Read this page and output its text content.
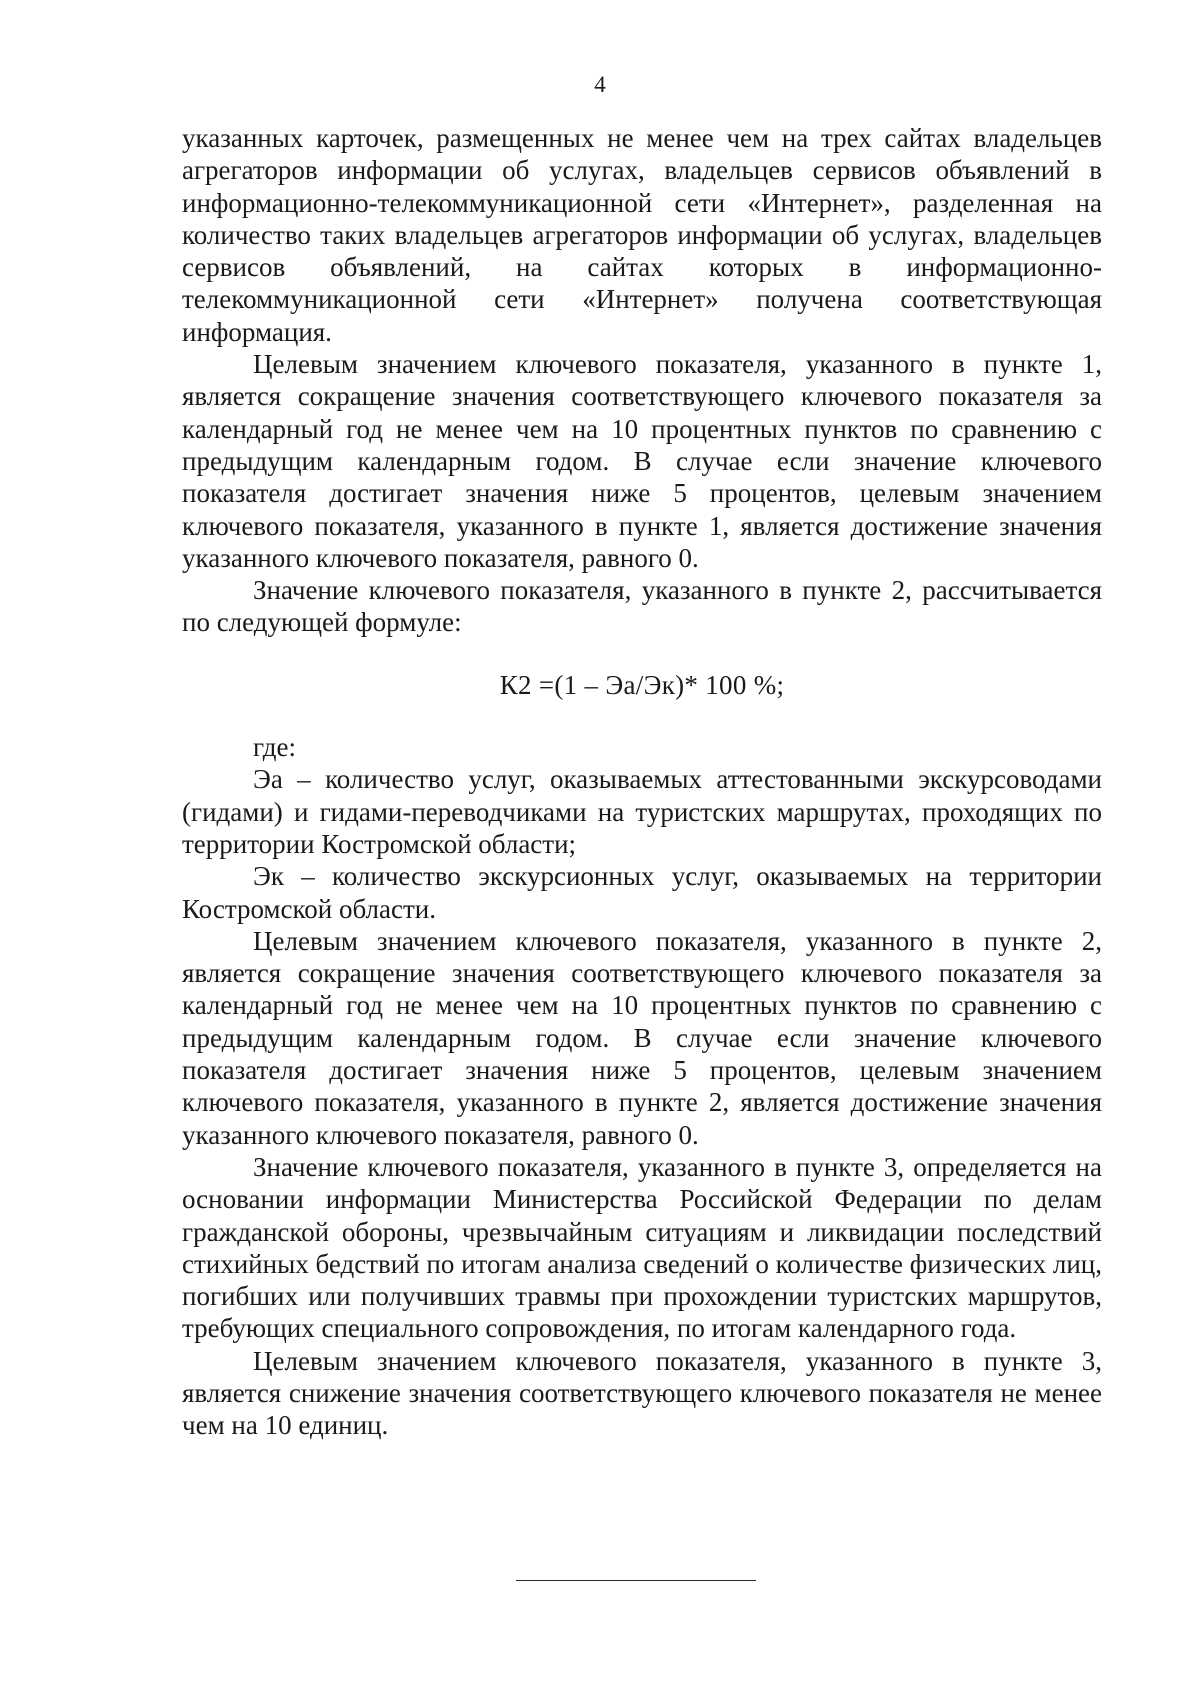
4

указанных карточек, размещенных не менее чем на трех сайтах владельцев агрегаторов информации об услугах, владельцев сервисов объявлений в информационно-телекоммуникационной сети «Интернет», разделенная на количество таких владельцев агрегаторов информации об услугах, владельцев сервисов объявлений, на сайтах которых в информационно-телекоммуникационной сети «Интернет» получена соответствующая информация.

Целевым значением ключевого показателя, указанного в пункте 1, является сокращение значения соответствующего ключевого показателя за календарный год не менее чем на 10 процентных пунктов по сравнению с предыдущим календарным годом. В случае если значение ключевого показателя достигает значения ниже 5 процентов, целевым значением ключевого показателя, указанного в пункте 1, является достижение значения указанного ключевого показателя, равного 0.

Значение ключевого показателя, указанного в пункте 2, рассчитывается по следующей формуле:

К2 =(1 – Эа/Эк)* 100 %;

где:

Эа – количество услуг, оказываемых аттестованными экскурсоводами (гидами) и гидами-переводчиками на туристских маршрутах, проходящих по территории Костромской области;

Эк – количество экскурсионных услуг, оказываемых на территории Костромской области.

Целевым значением ключевого показателя, указанного в пункте 2, является сокращение значения соответствующего ключевого показателя за календарный год не менее чем на 10 процентных пунктов по сравнению с предыдущим календарным годом. В случае если значение ключевого показателя достигает значения ниже 5 процентов, целевым значением ключевого показателя, указанного в пункте 2, является достижение значения указанного ключевого показателя, равного 0.

Значение ключевого показателя, указанного в пункте 3, определяется на основании информации Министерства Российской Федерации по делам гражданской обороны, чрезвычайным ситуациям и ликвидации последствий стихийных бедствий по итогам анализа сведений о количестве физических лиц, погибших или получивших травмы при прохождении туристских маршрутов, требующих специального сопровождения, по итогам календарного года.

Целевым значением ключевого показателя, указанного в пункте 3, является снижение значения соответствующего ключевого показателя не менее чем на 10 единиц.
